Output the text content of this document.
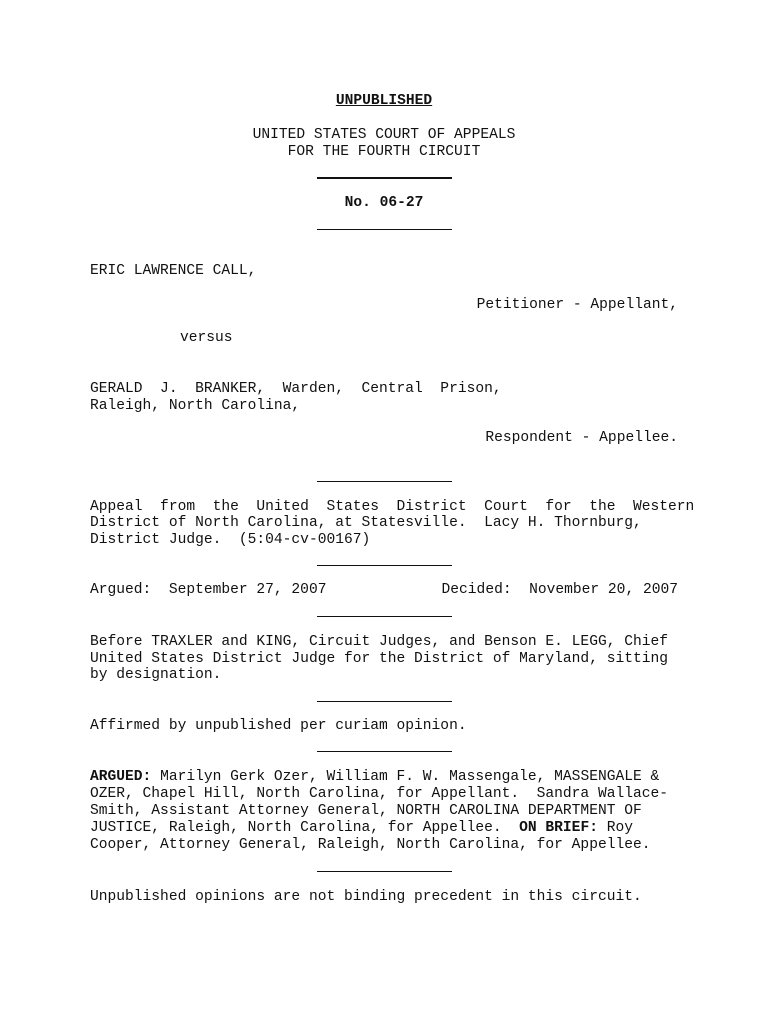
UNPUBLISHED
UNITED STATES COURT OF APPEALS
FOR THE FOURTH CIRCUIT
No. 06-27
ERIC LAWRENCE CALL,
Petitioner - Appellant,
versus
GERALD  J.  BRANKER,  Warden,  Central  Prison,
Raleigh, North Carolina,
Respondent - Appellee.
Appeal  from  the  United  States  District  Court  for  the  Western
District of North Carolina, at Statesville.  Lacy H. Thornburg,
District Judge.  (5:04-cv-00167)
Argued:  September 27, 2007	Decided:  November 20, 2007
Before TRAXLER and KING, Circuit Judges, and Benson E. LEGG, Chief
United States District Judge for the District of Maryland, sitting
by designation.
Affirmed by unpublished per curiam opinion.
ARGUED: Marilyn Gerk Ozer, William F. W. Massengale, MASSENGALE &
OZER, Chapel Hill, North Carolina, for Appellant.  Sandra Wallace-
Smith, Assistant Attorney General, NORTH CAROLINA DEPARTMENT OF
JUSTICE, Raleigh, North Carolina, for Appellee.  ON BRIEF: Roy
Cooper, Attorney General, Raleigh, North Carolina, for Appellee.
Unpublished opinions are not binding precedent in this circuit.
